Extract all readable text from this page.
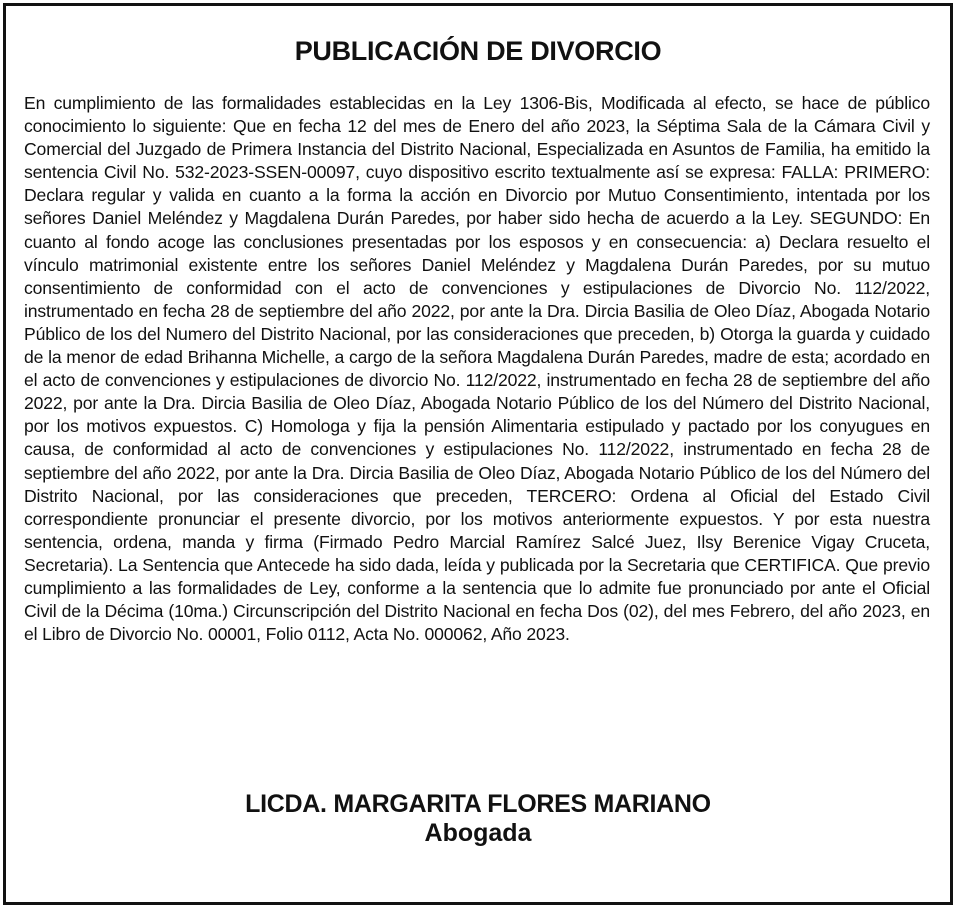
PUBLICACIÓN DE DIVORCIO

En cumplimiento de las formalidades establecidas en la Ley 1306-Bis, Modificada al efecto, se hace de público conocimiento lo siguiente: Que en fecha 12 del mes de Enero del año 2023, la Séptima Sala de la Cámara Civil y Comercial del Juzgado de Primera Instancia del Distrito Nacional, Especializada en Asuntos de Familia, ha emitido la sentencia Civil No. 532-2023-SSEN-00097, cuyo dispositivo escrito textualmente así se expresa: FALLA: PRIMERO: Declara regular y valida en cuanto a la forma la acción en Divorcio por Mutuo Consentimiento, intentada por los señores Daniel Meléndez y Magdalena Durán Paredes, por haber sido hecha de acuerdo a la Ley. SEGUNDO: En cuanto al fondo acoge las conclusiones presentadas por los esposos y en consecuencia: a) Declara resuelto el vínculo matrimonial existente entre los señores Daniel Meléndez y Magdalena Durán Paredes, por su mutuo consentimiento de conformidad con el acto de convenciones y estipulaciones de Divorcio No. 112/2022, instrumentado en fecha 28 de septiembre del año 2022, por ante la Dra. Dircia Basilia de Oleo Díaz, Abogada Notario Público de los del Numero del Distrito Nacional, por las consideraciones que preceden, b) Otorga la guarda y cuidado de la menor de edad Brihanna Michelle, a cargo de la señora Magdalena Durán Paredes, madre de esta; acordado en el acto de convenciones y estipulaciones de divorcio No. 112/2022, instrumentado en fecha 28 de septiembre del año 2022, por ante la Dra. Dircia Basilia de Oleo Díaz, Abogada Notario Público de los del Número del Distrito Nacional, por los motivos expuestos. C) Homologa y fija la pensión Alimentaria estipulado y pactado por los conyugues en causa, de conformidad al acto de convenciones y estipulaciones No. 112/2022, instrumentado en fecha 28 de septiembre del año 2022, por ante la Dra. Dircia Basilia de Oleo Díaz, Abogada Notario Público de los del Número del Distrito Nacional, por las consideraciones que preceden, TERCERO: Ordena al Oficial del Estado Civil correspondiente pronunciar el presente divorcio, por los motivos anteriormente expuestos. Y por esta nuestra sentencia, ordena, manda y firma (Firmado Pedro Marcial Ramírez Salcé Juez, Ilsy Berenice Vigay Cruceta, Secretaria). La Sentencia que Antecede ha sido dada, leída y publicada por la Secretaria que CERTIFICA. Que previo cumplimiento a las formalidades de Ley, conforme a la sentencia que lo admite fue pronunciado por ante el Oficial Civil de la Décima (10ma.) Circunscripción del Distrito Nacional en fecha Dos (02), del mes Febrero, del año 2023, en el Libro de Divorcio No. 00001, Folio 0112, Acta No. 000062, Año 2023.

LICDA. MARGARITA FLORES MARIANO
Abogada
